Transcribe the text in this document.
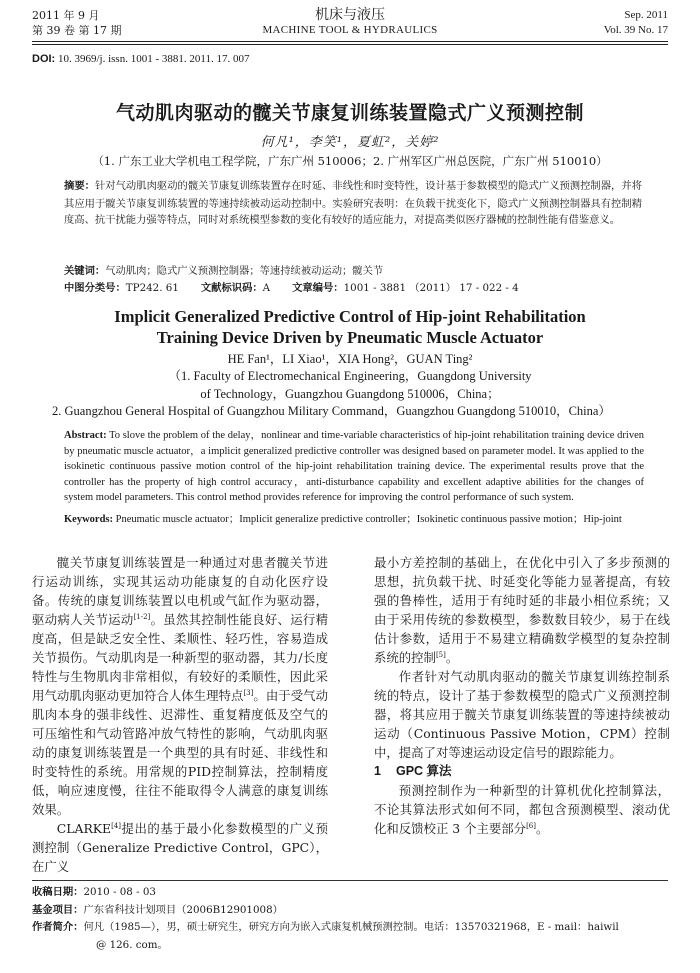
2011 年 9 月
第 39 卷 第 17 期
机床与液压
MACHINE TOOL & HYDRAULICS
Sep. 2011
Vol. 39 No. 17
DOI: 10. 3969/j. issn. 1001 - 3881. 2011. 17. 007
气动肌肉驱动的髋关节康复训练装置隐式广义预测控制
何凡¹，李笑¹，夏虹²，关婷²
（1. 广东工业大学机电工程学院，广东广州 510006；2. 广州军区广州总医院，广东广州 510010）
摘要：针对气动肌肉驱动的髋关节康复训练装置存在时延、非线性和时变特性，设计基于参数模型的隐式广义预测控制器，并将其应用于髋关节康复训练装置的等速持续被动运动控制中。实验研究表明：在负载干扰变化下，隐式广义预测控制器具有控制精度高、抗干扰能力强等特点，同时对系统模型参数的变化有较好的适应能力，对提高类似医疗器械的控制性能有借鉴意义。
关键词：气动肌肉；隐式广义预测控制器；等速持续被动运动；髋关节
中图分类号：TP242. 61 文献标识码：A 文章编号：1001 - 3881 （2011） 17 - 022 - 4
Implicit Generalized Predictive Control of Hip-joint Rehabilitation
Training Device Driven by Pneumatic Muscle Actuator
HE Fan¹，LI Xiao¹，XIA Hong²，GUAN Ting²
（1. Faculty of Electromechanical Engineering，Guangdong University
of Technology，Guangzhou Guangdong 510006，China；
2. Guangzhou General Hospital of Guangzhou Military Command，Guangzhou Guangdong 510010，China）
Abstract: To slove the problem of the delay，nonlinear and time-variable characteristics of hip-joint rehabilitation training device driven by pneumatic muscle actuator，a implicit generalized predictive controller was designed based on parameter model. It was applied to the isokinetic continuous passive motion control of the hip-joint rehabilitation training device. The experimental results prove that the controller has the property of high control accuracy，anti-disturbance capability and excellent adaptive abilities for the changes of system model parameters. This control method provides reference for improving the control performance of such system.
Keywords: Pneumatic muscle actuator；Implicit generalize predictive controller；Isokinetic continuous passive motion；Hip-joint

髋关节康复训练装置是一种通过对患者髋关节进行运动训练，实现其运动功能康复的自动化医疗设备。传统的康复训练装置以电机或气缸作为驱动器，驱动病人关节运动[1-2]。虽然其控制性能良好、运行精度高，但是缺乏安全性、柔顺性、轻巧性，容易造成关节损伤。气动肌肉是一种新型的驱动器，其力/长度特性与生物肌肉非常相似，有较好的柔顺性，因此采用气动肌肉驱动更加符合人体生理特点[3]。由于受气动肌肉本身的强非线性、迟滞性、重复精度低及空气的可压缩性和气动管路冲放气特性的影响，气动肌肉驱动的康复训练装置是一个典型的具有时延、非线性和时变特性的系统。用常规的PID控制算法，控制精度低，响应速度慢，往往不能取得令人满意的康复训练效果。

CLARKE[4]提出的基于最小化参数模型的广义预测控制（Generalize Predictive Control，GPC），在广义

最小方差控制的基础上，在优化中引入了多步预测的思想，抗负载干扰、时延变化等能力显著提高，有较强的鲁棒性，适用于有纯时延的非最小相位系统；又由于采用传统的参数模型，参数数目较少，易于在线估计参数，适用于不易建立精确数学模型的复杂控制系统的控制[5]。

作者针对气动肌肉驱动的髋关节康复训练控制系统的特点，设计了基于参数模型的隐式广义预测控制器，将其应用于髋关节康复训练装置的等速持续被动运动（Continuous Passive Motion，CPM）控制中，提高了对等速运动设定信号的跟踪能力。

1 GPC 算法

预测控制作为一种新型的计算机优化控制算法，不论其算法形式如何不同，都包含预测模型、滚动优化和反馈校正 3 个主要部分[6]。

收稿日期：2010 - 08 - 03
基金项目：广东省科技计划项目（2006B12901008）
作者简介：何凡（1985—），男，硕士研究生，研究方向为嵌入式康复机械预测控制。电话：13570321968，E - mail：haiwil
@ 126. com。
